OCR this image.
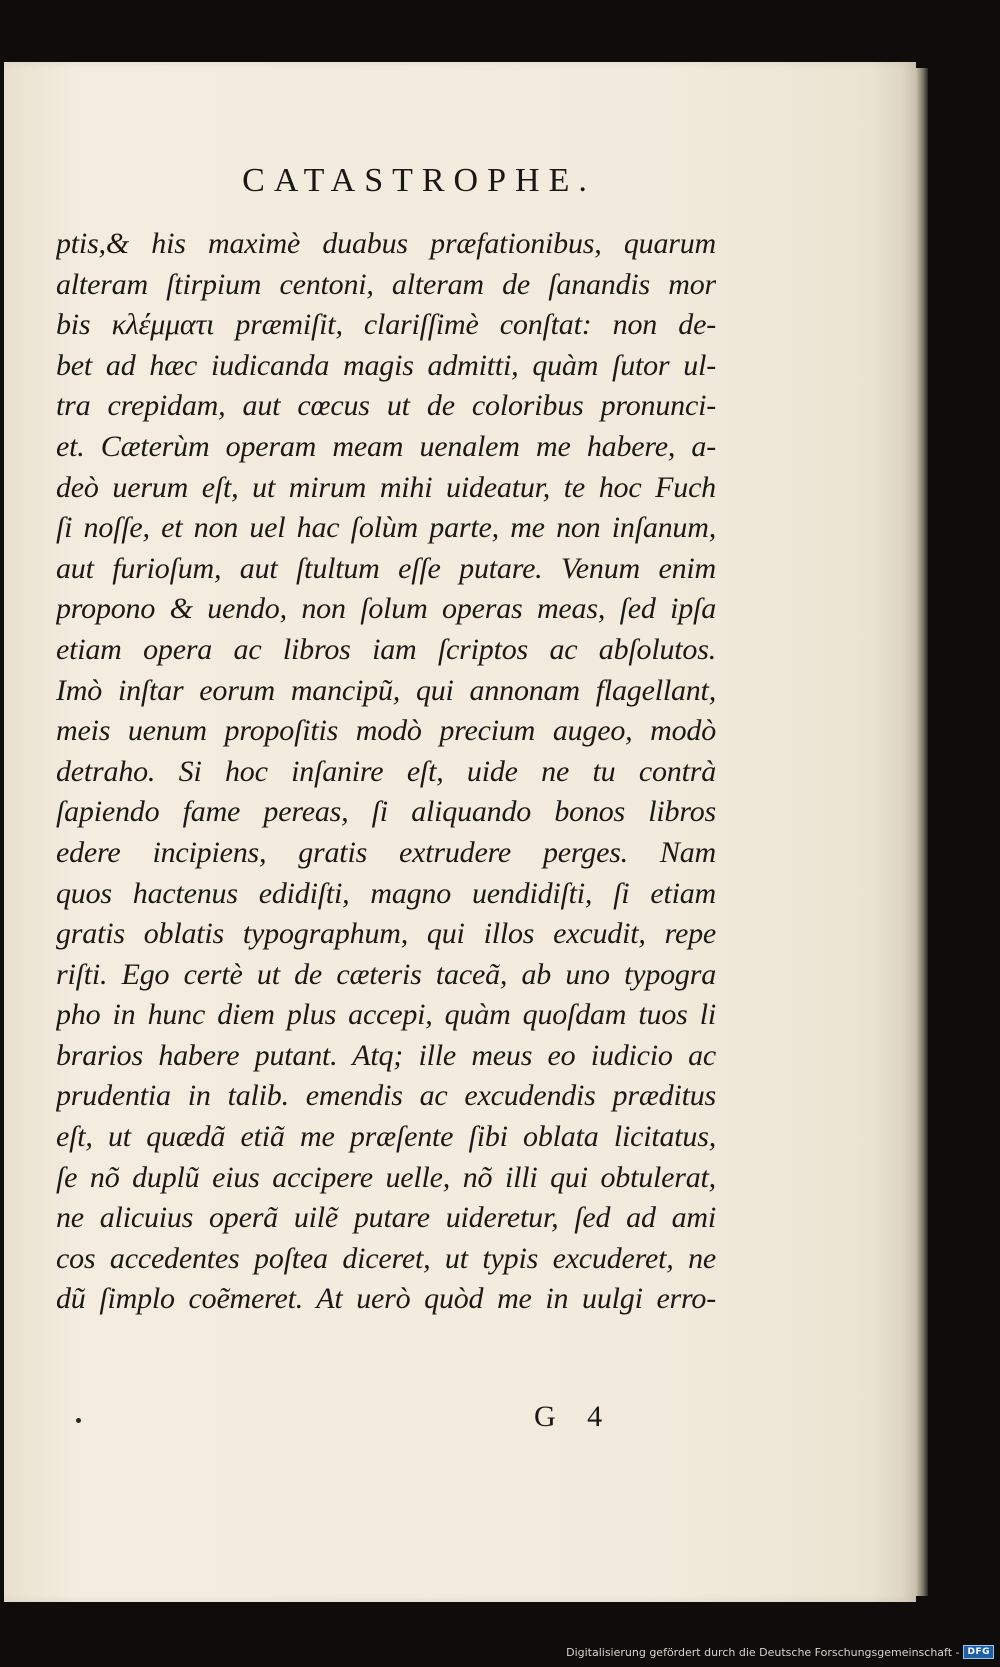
CATASTROPHE.
ptis,& his maximè duabus præfationibus, quarum
alteram ſtirpium centoni, alteram de ſanandis mor
bis κλέμματι præmiſit, clariſſimè conſtat: non de-
bet ad hæc iudicanda magis admitti, quàm ſutor ul-
tra crepidam, aut cœcus ut de coloribus pronunci-
et. Cæterùm operam meam uenalem me habere, a-
deò uerum eſt, ut mirum mihi uideatur, te hoc Fuch
ſi noſſe, et non uel hac ſolùm parte, me non inſanum,
aut furioſum, aut ſtultum eſſe putare. Venum enim
propono & uendo, non ſolum operas meas, ſed ipſa
etiam opera ac libros iam ſcriptos ac abſolutos.
Imò inſtar eorum mancipũ, qui annonam flagellant,
meis uenum propoſitis modò precium augeo, modò
detraho. Si hoc inſanire eſt, uide ne tu contrà
ſapiendo fame pereas, ſi aliquando bonos libros
edere incipiens, gratis extrudere perges. Nam
quos hactenus edidiſti, magno uendidiſti, ſi etiam
gratis oblatis typographum, qui illos excudit, repe
riſti. Ego certè ut de cæteris taceã, ab uno typogra
pho in hunc diem plus accepi, quàm quoſdam tuos li
brarios habere putant. Atq; ille meus eo iudicio ac
prudentia in talib. emendis ac excudendis præditus
eſt, ut quædã etiã me præſente ſibi oblata licitatus,
ſe nõ duplũ eius accipere uelle, nõ illi qui obtulerat,
ne alicuius operã uilẽ putare uideretur, ſed ad ami
cos accedentes poſtea diceret, ut typis excuderet, ne
dũ ſimplo coẽmeret. At uerò quòd me in uulgi erro-
G 4
Digitalisierung gefördert durch die Deutsche Forschungsgemeinschaft - DFG
